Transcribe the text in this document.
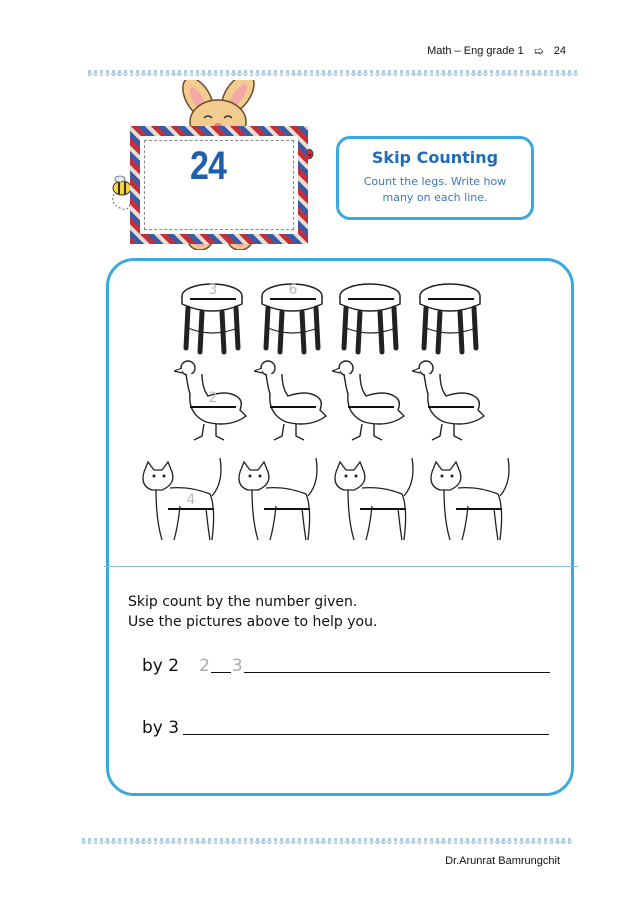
Math – Eng grade 1 ➯ 24
24	Skip Counting
Count the legs. Write how many on each line.
3	6
2
4
Skip count by the number given.
Use the pictures above to help you.
by 2 2 3
by 3
Dr.Arunrat Bamrungchit
